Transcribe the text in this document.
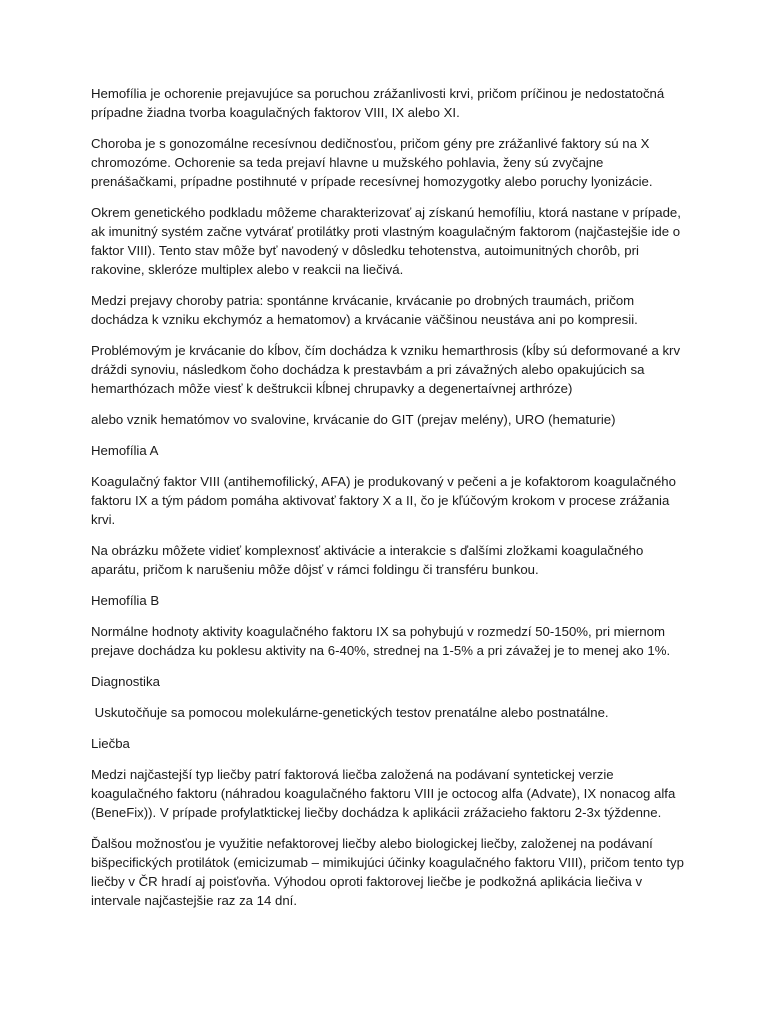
Hemofília je ochorenie prejavujúce sa poruchou zrážanlivosti krvi, pričom príčinou je nedostatočná prípadne žiadna tvorba koagulačných faktorov VIII, IX alebo XI.

Choroba je s gonozomálne recesívnou dedičnosťou, pričom gény pre zrážanlivé faktory sú na X chromozóme. Ochorenie sa teda prejaví hlavne u mužského pohlavia, ženy sú zvyčajne prenášačkami, prípadne postihnuté v prípade recesívnej homozygotky alebo poruchy lyonizácie.

Okrem genetického podkladu môžeme charakterizovať aj získanú hemofíliu, ktorá nastane v prípade, ak imunitný systém začne vytvárať protilátky proti vlastným koagulačným faktorom (najčastejšie ide o faktor VIII). Tento stav môže byť navodený v dôsledku tehotenstva, autoimunitných chorôb, pri rakovine, skleróze multiplex alebo v reakcii na liečivá.

Medzi prejavy choroby patria: spontánne krvácanie, krvácanie po drobných traumách, pričom dochádza k vzniku ekchymóz a hematomov) a krvácanie väčšinou neustáva ani po kompresii.

Problémovým je krvácanie do kĺbov, čím dochádza k vzniku hemarthrosis (kĺby sú deformované a krv dráždi synoviu, následkom čoho dochádza k prestavbám a pri závažných alebo opakujúcich sa hemarthózach môže viesť k deštrukcii kĺbnej chrupavky a degenertaívnej arthróze)

alebo vznik hematómov vo svalovine, krvácanie do GIT (prejav melény), URO (hematurie)

Hemofília A

Koagulačný faktor VIII (antihemofilický, AFA) je produkovaný v pečeni a je kofaktorom koagulačného faktoru IX a tým pádom pomáha aktivovať faktory X a II, čo je kľúčovým krokom v procese zrážania krvi.

Na obrázku môžete vidieť komplexnosť aktivácie a interakcie s ďalšími zložkami koagulačného aparátu, pričom k narušeniu môže dôjsť v rámci foldingu či transféru bunkou.

Hemofília B

Normálne hodnoty aktivity koagulačného faktoru IX sa pohybujú v rozmedzí 50-150%, pri miernom prejave dochádza ku poklesu aktivity na 6-40%, strednej na 1-5% a pri závažej je to menej ako 1%.

Diagnostika

Uskutočňuje sa pomocou molekulárne-genetických testov prenatálne alebo postnatálne.

Liečba

Medzi najčastejší typ liečby patrí faktorová liečba založená na podávaní syntetickej verzie koagulačného faktoru (náhradou koagulačného faktoru VIII je octocog alfa (Advate), IX nonacog alfa (BeneFix)). V prípade profylatktickej liečby dochádza k aplikácii zrážacieho faktoru 2-3x týždenne.

Ďalšou možnosťou je využitie nefaktorovej liečby alebo biologickej liečby, založenej na podávaní bišpecifických protilátok (emicizumab – mimikujúci účinky koagulačného faktoru VIII), pričom tento typ liečby v ČR hradí aj poisťovňa. Výhodou oproti faktorovej liečbe je podkožná aplikácia liečiva v intervale najčastejšie raz za 14 dní.
